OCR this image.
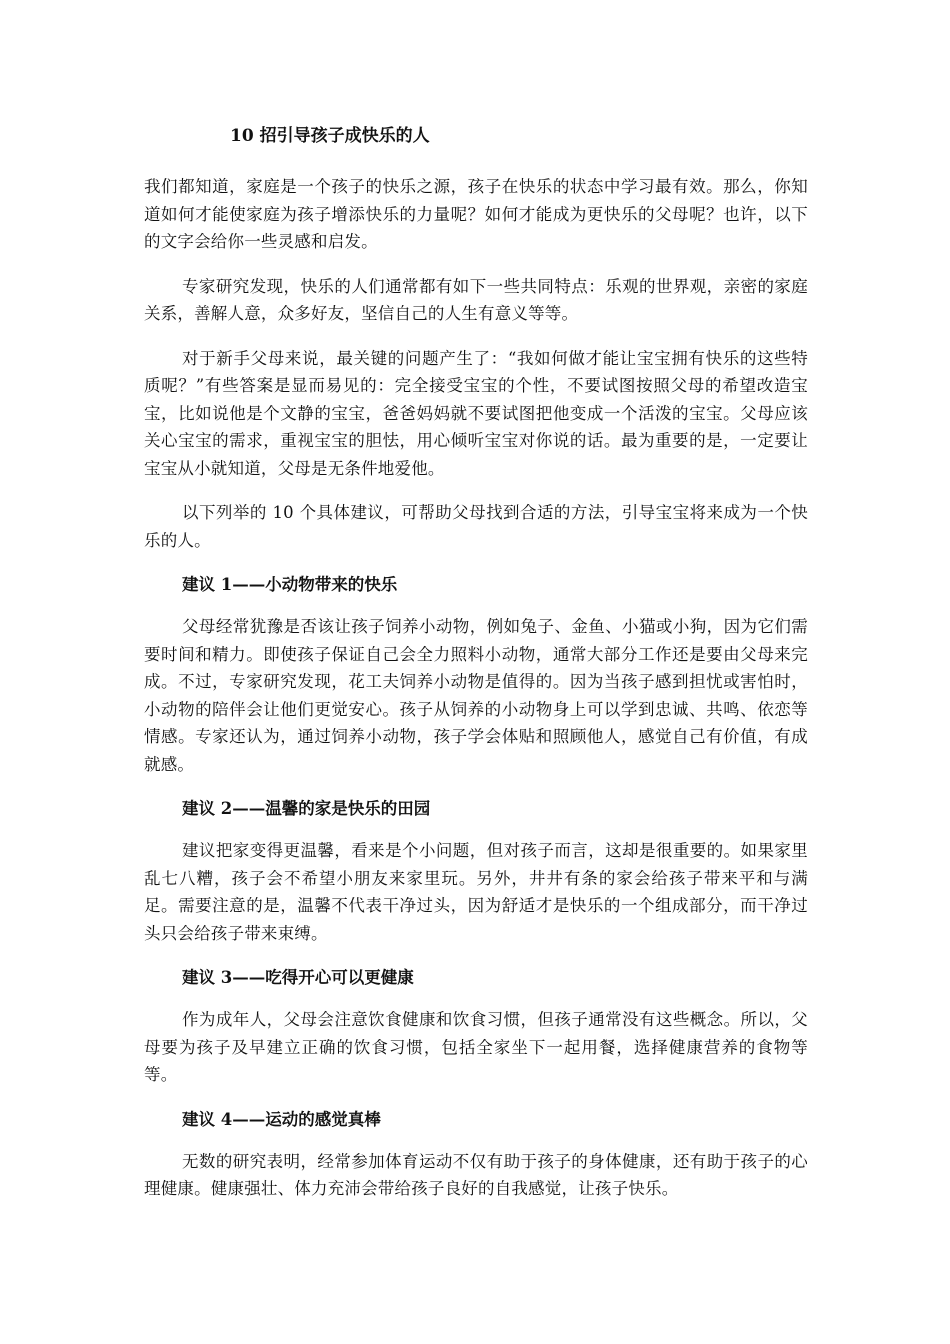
10 招引导孩子成快乐的人

我们都知道，家庭是一个孩子的快乐之源，孩子在快乐的状态中学习最有效。那么，你知道如何才能使家庭为孩子增添快乐的力量呢？如何才能成为更快乐的父母呢？也许，以下的文字会给你一些灵感和启发。

专家研究发现，快乐的人们通常都有如下一些共同特点：乐观的世界观，亲密的家庭关系，善解人意，众多好友，坚信自己的人生有意义等等。

对于新手父母来说，最关键的问题产生了：“我如何做才能让宝宝拥有快乐的这些特质呢？”有些答案是显而易见的：完全接受宝宝的个性，不要试图按照父母的希望改造宝宝，比如说他是个文静的宝宝，爸爸妈妈就不要试图把他变成一个活泼的宝宝。父母应该关心宝宝的需求，重视宝宝的胆怯，用心倾听宝宝对你说的话。最为重要的是，一定要让宝宝从小就知道，父母是无条件地爱他。

以下列举的 10 个具体建议，可帮助父母找到合适的方法，引导宝宝将来成为一个快乐的人。

建议 1——小动物带来的快乐

父母经常犹豫是否该让孩子饲养小动物，例如兔子、金鱼、小猫或小狗，因为它们需要时间和精力。即使孩子保证自己会全力照料小动物，通常大部分工作还是要由父母来完成。不过，专家研究发现，花工夫饲养小动物是值得的。因为当孩子感到担忧或害怕时，小动物的陪伴会让他们更觉安心。孩子从饲养的小动物身上可以学到忠诚、共鸣、依恋等情感。专家还认为，通过饲养小动物，孩子学会体贴和照顾他人，感觉自己有价值，有成就感。

建议 2——温馨的家是快乐的田园

建议把家变得更温馨，看来是个小问题，但对孩子而言，这却是很重要的。如果家里乱七八糟，孩子会不希望小朋友来家里玩。另外，井井有条的家会给孩子带来平和与满足。需要注意的是，温馨不代表干净过头，因为舒适才是快乐的一个组成部分，而干净过头只会给孩子带来束缚。

建议 3——吃得开心可以更健康

作为成年人，父母会注意饮食健康和饮食习惯，但孩子通常没有这些概念。所以，父母要为孩子及早建立正确的饮食习惯，包括全家坐下一起用餐，选择健康营养的食物等等。

建议 4——运动的感觉真棒

无数的研究表明，经常参加体育运动不仅有助于孩子的身体健康，还有助于孩子的心理健康。健康强壮、体力充沛会带给孩子良好的自我感觉，让孩子快乐。
